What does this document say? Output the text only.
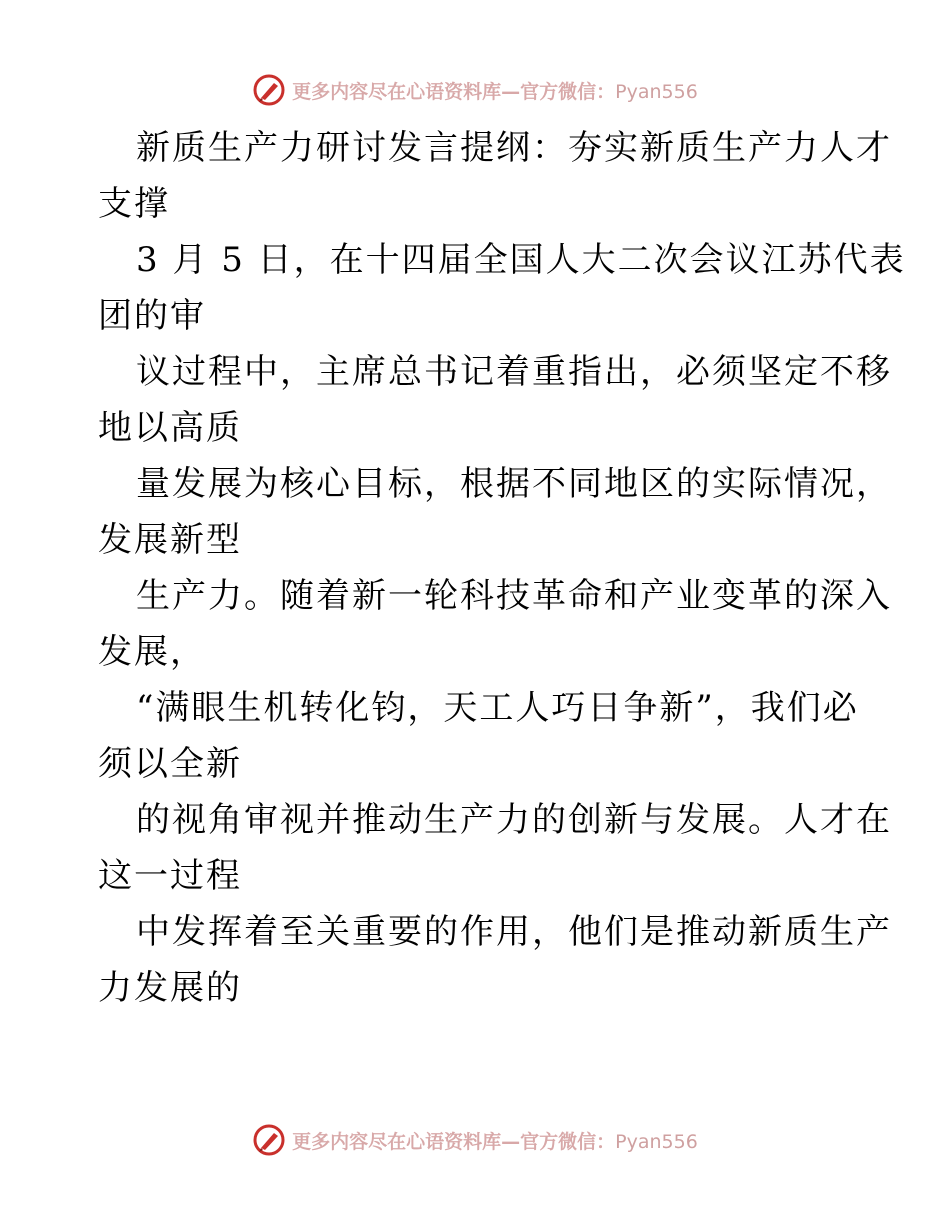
更多内容尽在心语资料库—官方微信：Pyan556

新质生产力研讨发言提纲：夯实新质生产力人才
支撑

3 月 5 日，在十四届全国人大二次会议江苏代表
团的审

议过程中，主席总书记着重指出，必须坚定不移
地以高质

量发展为核心目标，根据不同地区的实际情况，
发展新型

生产力。随着新一轮科技革命和产业变革的深入
发展，

“满眼生机转化钧，天工人巧日争新”，我们必
须以全新

的视角审视并推动生产力的创新与发展。人才在
这一过程

中发挥着至关重要的作用，他们是推动新质生产
力发展的

更多内容尽在心语资料库—官方微信：Pyan556
